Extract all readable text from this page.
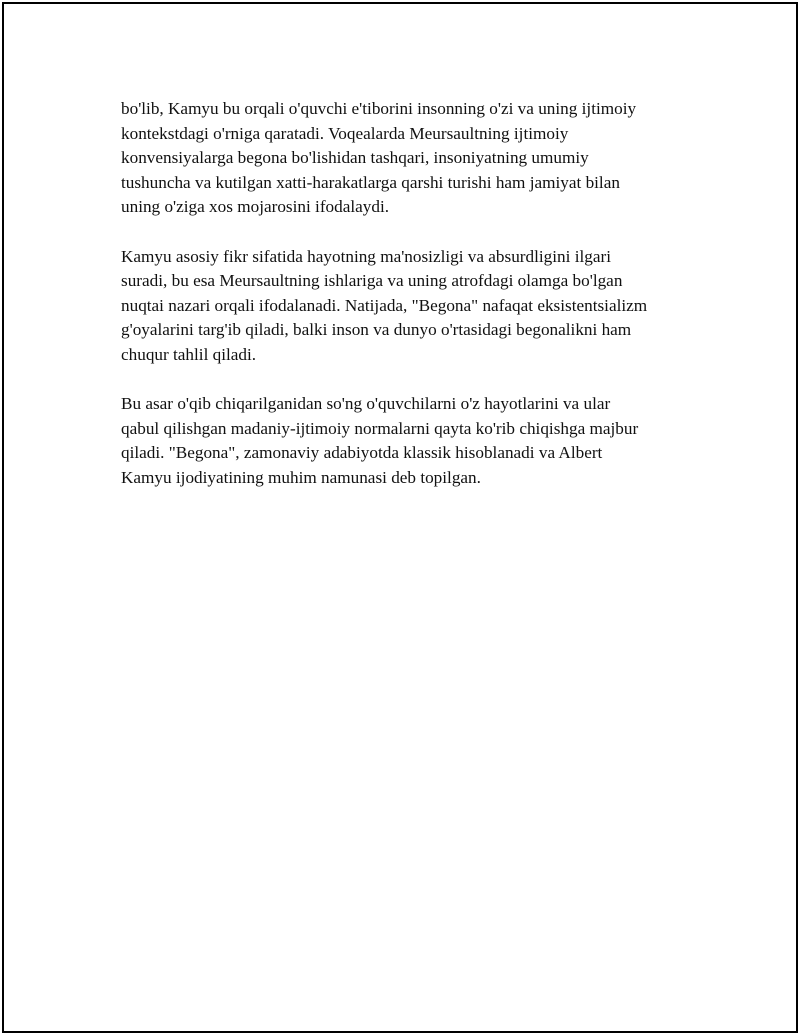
bo'lib, Kamyu bu orqali o'quvchi e'tiborini insonning o'zi va uning ijtimoiy
kontekstdagi o'rniga qaratadi. Voqealarda Meursaultning ijtimoiy
konvensiyalarga begona bo'lishidan tashqari, insoniyatning umumiy
tushuncha va kutilgan xatti-harakatlarga qarshi turishi ham jamiyat bilan
uning o'ziga xos mojarosini ifodalaydi.

Kamyu asosiy fikr sifatida hayotning ma'nosizligi va absurdligini ilgari
suradi, bu esa Meursaultning ishlariga va uning atrofdagi olamga bo'lgan
nuqtai nazari orqali ifodalanadi. Natijada, "Begona" nafaqat eksistentsializm
g'oyalarini targ'ib qiladi, balki inson va dunyo o'rtasidagi begonalikni ham
chuqur tahlil qiladi.

Bu asar o'qib chiqarilganidan so'ng o'quvchilarni o'z hayotlarini va ular
qabul qilishgan madaniy-ijtimoiy normalarni qayta ko'rib chiqishga majbur
qiladi. "Begona", zamonaviy adabiyotda klassik hisoblanadi va Albert
Kamyu ijodiyatining muhim namunasi deb topilgan.
